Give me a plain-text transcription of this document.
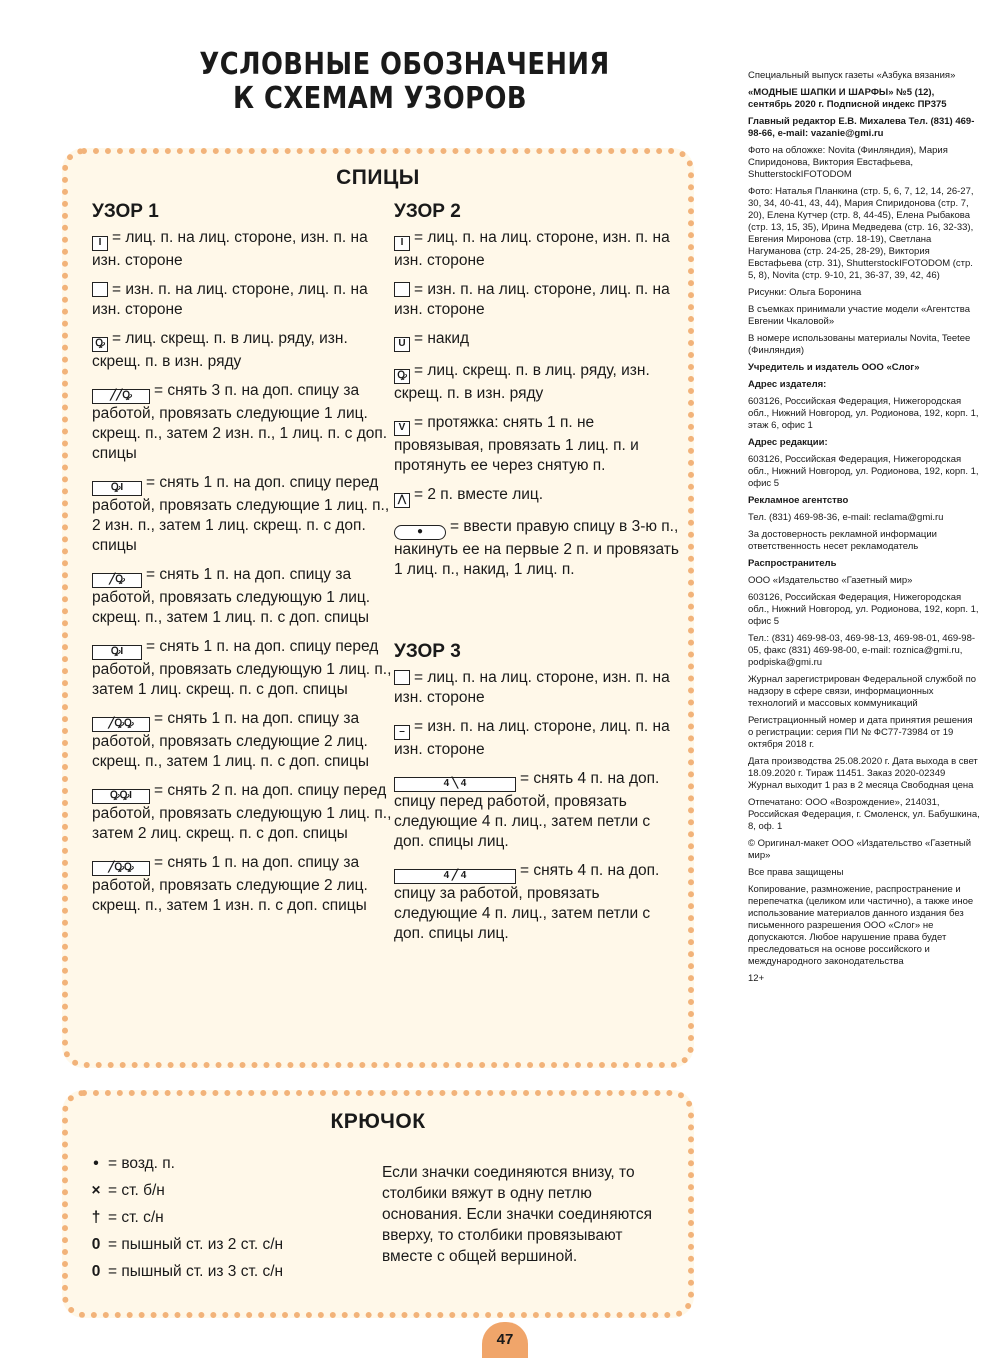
УСЛОВНЫЕ ОБОЗНАЧЕНИЯ
К СХЕМАМ УЗОРОВ
СПИЦЫ
УЗОР 1
I = лиц. п. на лиц. стороне, изн. п. на изн. стороне
= изн. п. на лиц. стороне, лиц. п. на изн. стороне
Ꝙ = лиц. скрещ. п. в лиц. ряду, изн. скрещ. п. в изн. ряду
╱╱Ꝙ = снять 3 п. на доп. спицу за работой, провязать следующие 1 лиц. скрещ. п., затем 2 изн. п., 1 лиц. п. с доп. спицы
ꝘI = снять 1 п. на доп. спицу перед работой, провязать следующие 1 лиц. п., 2 изн. п., затем 1 лиц. скрещ. п. с доп. спицы
╱Ꝙ = снять 1 п. на доп. спицу за работой, провязать следующую 1 лиц. скрещ. п., затем 1 лиц. п. с доп. спицы
ꝘI = снять 1 п. на доп. спицу перед работой, провязать следующую 1 лиц. п., затем 1 лиц. скрещ. п. с доп. спицы
╱ꝘꝘ = снять 1 п. на доп. спицу за работой, провязать следующие 2 лиц. скрещ. п., затем 1 лиц. п. с доп. спицы
ꝘꝘI = снять 2 п. на доп. спицу перед работой, провязать следующую 1 лиц. п., затем 2 лиц. скрещ. п. с доп. спицы
╱ꝘꝘ = снять 1 п. на доп. спицу за работой, провязать следующие 2 лиц. скрещ. п., затем 1 изн. п. с доп. спицы
УЗОР 2
I = лиц. п. на лиц. стороне, изн. п. на изн. стороне
= изн. п. на лиц. стороне, лиц. п. на изн. стороне
U = накид
Ꝙ = лиц. скрещ. п. в лиц. ряду, изн. скрещ. п. в изн. ряду
V = протяжка: снять 1 п. не провязывая, провязать 1 лиц. п. и протянуть ее через снятую п.
⋀ = 2 п. вместе лиц.
● = ввести правую спицу в 3-ю п., накинуть ее на первые 2 п. и провязать 1 лиц. п., накид, 1 лиц. п.
УЗОР 3
= лиц. п. на лиц. стороне, изн. п. на изн. стороне
– = изн. п. на лиц. стороне, лиц. п. на изн. стороне
4 ╲ 4	= снять 4 п. на доп. спицу перед работой, провязать следующие 4 п. лиц., затем петли с доп. спицы лиц.
4 ╱ 4	= снять 4 п. на доп. спицу за работой, провязать следующие 4 п. лиц., затем петли с доп. спицы лиц.
КРЮЧОК
• = возд. п.
× = ст. б/н
† = ст. с/н
0 = пышный ст. из 2 ст. с/н
0 = пышный ст. из 3 ст. с/н
Если значки соединяются внизу, то столбики вяжут в одну петлю основания. Если значки соединяются вверху, то столбики провязывают вместе с общей вершиной.

Специальный выпуск газеты «Азбука вязания»

«МОДНЫЕ ШАПКИ И ШАРФЫ» №5 (12), сентябрь 2020 г. Подписной индекс ПР375

Главный редактор Е.В. Михалева Тел. (831) 469-98-66, e-mail: vazanie@gmi.ru

Фото на обложке: Novita (Финляндия), Мария Спиридонова, Виктория Евстафьева, ShutterstockIFOTODOM

Фото: Наталья Планкина (стр. 5, 6, 7, 12, 14, 26-27, 30, 34, 40-41, 43, 44), Мария Спиридонова (стр. 7, 20), Елена Кутчер (стр. 8, 44-45), Елена Рыбакова (стр. 13, 15, 35), Ирина Медведева (стр. 16, 32-33), Евгения Миронова (стр. 18-19), Светлана Нагуманова (стр. 24-25, 28-29), Виктория Евстафьева (стр. 31), ShutterstockIFOTODOM (стр. 5, 8), Novita (стр. 9-10, 21, 36-37, 39, 42, 46)

Рисунки: Ольга Боронина

В съемках принимали участие модели «Агентства Евгении Чкаловой»

В номере использованы материалы Novita, Teetee (Финляндия)

Учредитель и издатель ООО «Слог»

Адрес издателя:

603126, Российская Федерация, Нижегородская обл., Нижний Новгород, ул. Родионова, 192, корп. 1, этаж 6, офис 1

Адрес редакции:

603126, Российская Федерация, Нижегородская обл., Нижний Новгород, ул. Родионова, 192, корп. 1, офис 5

Рекламное агентство

Тел. (831) 469-98-36, e-mail: reclama@gmi.ru

За достоверность рекламной информации ответственность несет рекламодатель

Распространитель

ООО «Издательство «Газетный мир»

603126, Российская Федерация, Нижегородская обл., Нижний Новгород, ул. Родионова, 192, корп. 1, офис 5

Тел.: (831) 469-98-03, 469-98-13, 469-98-01, 469-98-05, факс (831) 469-98-00, e-mail: roznica@gmi.ru, podpiska@gmi.ru

Журнал зарегистрирован Федеральной службой по надзору в сфере связи, информационных технологий и массовых коммуникаций

Регистрационный номер и дата принятия решения о регистрации: серия ПИ № ФС77-73984 от 19 октября 2018 г.

Дата производства 25.08.2020 г. Дата выхода в свет 18.09.2020 г. Тираж 11451. Заказ 2020-02349 Журнал выходит 1 раз в 2 месяца Свободная цена

Отпечатано: ООО «Возрождение», 214031, Российская Федерация, г. Смоленск, ул. Бабушкина, 8, оф. 1

© Оригинал-макет ООО «Издательство «Газетный мир»

Все права защищены

Копирование, размножение, распространение и перепечатка (целиком или частично), а также иное использование материалов данного издания без письменного разрешения ООО «Слог» не допускаются. Любое нарушение права будет преследоваться на основе российского и международного законодательства

12+

47
